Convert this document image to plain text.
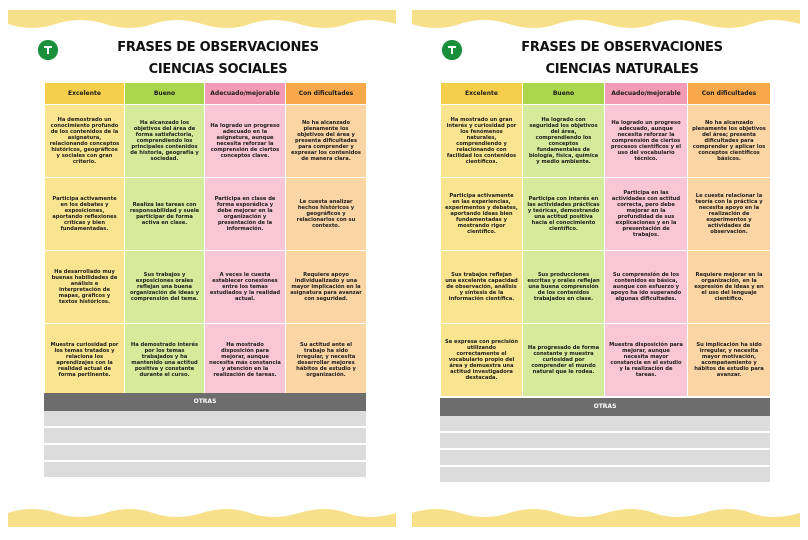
FRASES DE OBSERVACIONES
CIENCIAS SOCIALES
Excelente	Bueno	Adecuado/mejorable	Con dificultades
Ha demostrado un conocimiento profundo de los contenidos de la asignatura, relacionando conceptos históricos, geográficos y sociales con gran criterio.	Ha alcanzado los objetivos del área de forma satisfactoria, comprendiendo los principales contenidos de historia, geografía y sociedad.	Ha logrado un progreso adecuado en la asignatura, aunque necesita reforzar la comprensión de ciertos conceptos clave.	No ha alcanzado plenamente los objetivos del área y presenta dificultades para comprender y expresar los contenidos de manera clara.
Participa activamente en los debates y exposiciones, aportando reflexiones críticas y bien fundamentadas.	Realiza las tareas con responsabilidad y suele participar de forma activa en clase.	Participa en clase de forma esporádica y debe mejorar en la organización y presentación de la información.	Le cuesta analizar hechos históricos y geográficos y relacionarlos con su contexto.
Ha desarrollado muy buenas habilidades de análisis e interpretación de mapas, gráficos y textos históricos.	Sus trabajos y exposiciones orales reflejan una buena organización de ideas y comprensión del tema.	A veces le cuesta establecer conexiones entre los temas estudiados y la realidad actual.	Requiere apoyo individualizado y una mayor implicación en la asignatura para avanzar con seguridad.
Muestra curiosidad por los temas tratados y relaciona los aprendizajes con la realidad actual de forma pertinente.	Ha demostrado interés por los temas trabajados y ha mantenido una actitud positiva y constante durante el curso.	Ha mostrado disposición para mejorar, aunque necesita más constancia y atención en la realización de tareas.	Su actitud ante el trabajo ha sido irregular, y necesita desarrollar mejores hábitos de estudio y organización.
OTRAS
FRASES DE OBSERVACIONES
CIENCIAS NATURALES
Excelente	Bueno	Adecuado/mejorable	Con dificultades
Ha mostrado un gran interés y curiosidad por los fenómenos naturales, comprendiendo y relacionando con facilidad los contenidos científicos.	Ha logrado con seguridad los objetivos del área, comprendiendo los conceptos fundamentales de biología, física, química y medio ambiente.	Ha logrado un progreso adecuado, aunque necesita reforzar la comprensión de ciertos procesos científicos y el uso del vocabulario técnico.	No ha alcanzado plenamente los objetivos del área; presenta dificultades para comprender y aplicar los conceptos científicos básicos.
Participa activamente en las experiencias, experimentos y debates, aportando ideas bien fundamentadas y mostrando rigor científico.	Participa con interés en las actividades prácticas y teóricas, demostrando una actitud positiva hacia el conocimiento científico.	Participa en las actividades con actitud correcta, pero debe mejorar en la profundidad de sus explicaciones y en la presentación de trabajos.	Le cuesta relacionar la teoría con la práctica y necesita apoyo en la realización de experimentos y actividades de observación.
Sus trabajos reflejan una excelente capacidad de observación, análisis y síntesis de la información científica.	Sus producciones escritas y orales reflejan una buena comprensión de los contenidos trabajados en clase.	Su comprensión de los contenidos es básica, aunque con esfuerzo y apoyo ha ido superando algunas dificultades.	Requiere mejorar en la organización, en la expresión de ideas y en el uso del lenguaje científico.
Se expresa con precisión utilizando correctamente el vocabulario propio del área y demuestra una actitud investigadora destacada.	Ha progresado de forma constante y muestra curiosidad por comprender el mundo natural que le rodea.	Muestra disposición para mejorar, aunque necesita mayor constancia en el estudio y la realización de tareas.	Su implicación ha sido irregular, y necesita mayor motivación, acompañamiento y hábitos de estudio para avanzar.
OTRAS
